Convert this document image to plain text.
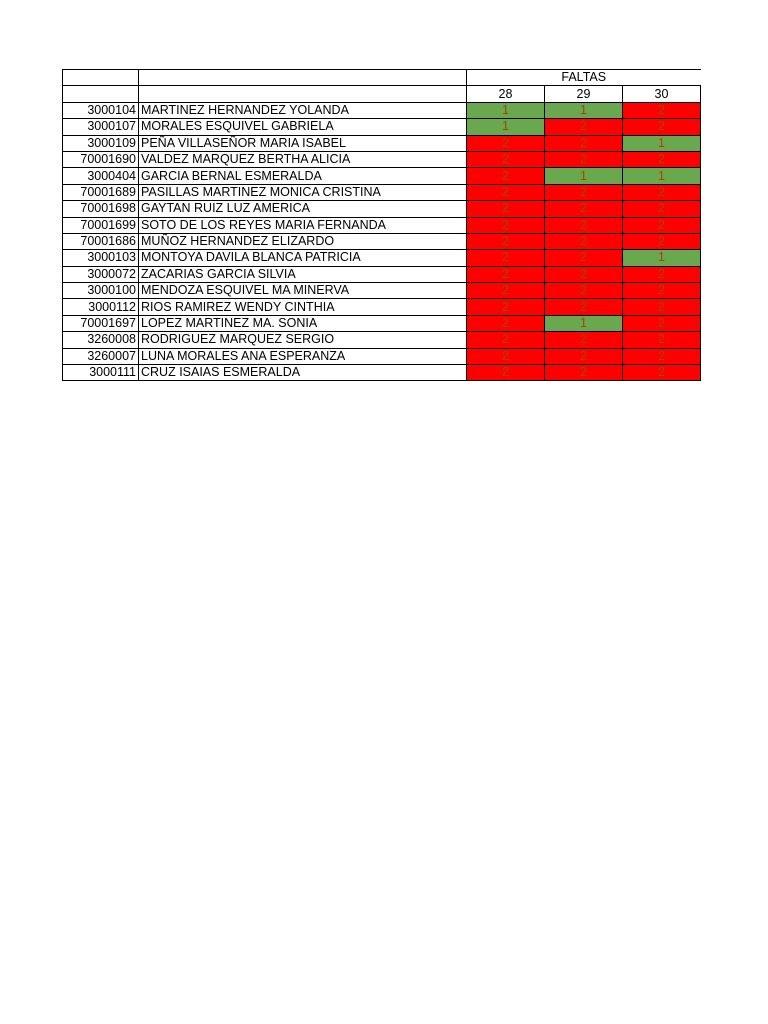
		FALTAS		
		28	29	30
3000104	MARTINEZ HERNANDEZ YOLANDA	1	1	2
3000107	MORALES ESQUIVEL GABRIELA	1	2	2
3000109	PEÑA VILLASEÑOR MARIA ISABEL	2	2	1
70001690	VALDEZ MARQUEZ BERTHA ALICIA	2	2	2
3000404	GARCIA BERNAL ESMERALDA	2	1	1
70001689	PASILLAS MARTINEZ MONICA CRISTINA	2	2	2
70001698	GAYTAN RUIZ LUZ AMERICA	2	2	2
70001699	SOTO DE LOS REYES MARIA FERNANDA	2	2	2
70001686	MUÑOZ HERNANDEZ ELIZARDO	2	2	2
3000103	MONTOYA DAVILA BLANCA PATRICIA	2	2	1
3000072	ZACARIAS GARCIA SILVIA	2	2	2
3000100	MENDOZA ESQUIVEL MA MINERVA	2	2	2
3000112	RIOS RAMIREZ WENDY CINTHIA	2	2	2
70001697	LOPEZ MARTINEZ MA. SONIA	2	1	2
3260008	RODRIGUEZ MARQUEZ SERGIO	2	2	2
3260007	LUNA MORALES ANA ESPERANZA	2	2	2
3000111	CRUZ ISAIAS ESMERALDA	2	2	2
